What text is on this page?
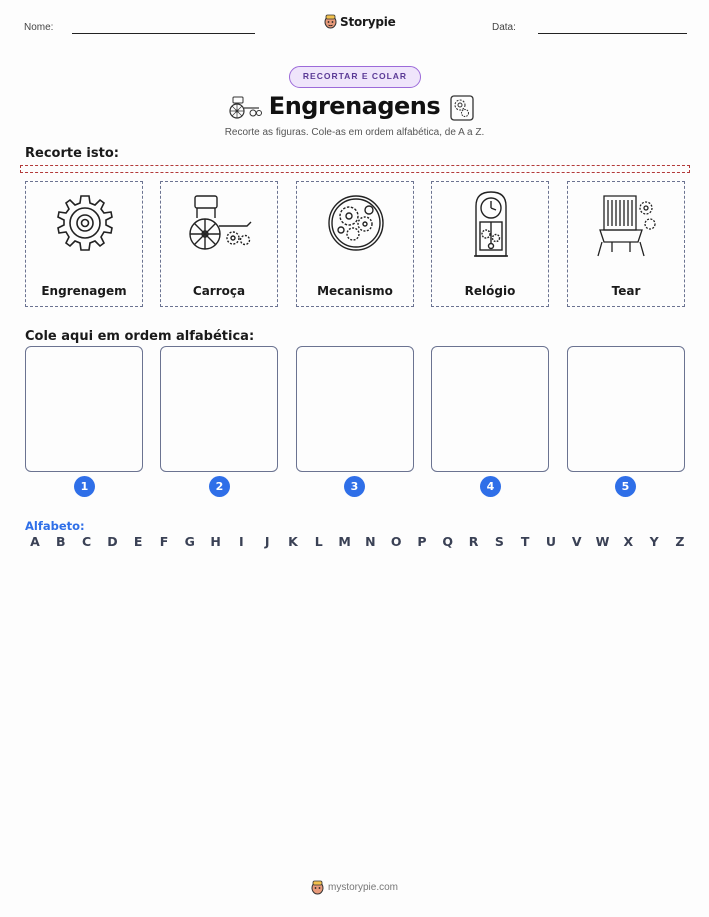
Nome:	Storypie	Data:
RECORTAR E COLAR
Engrenagens
Recorte as figuras. Cole-as em ordem alfabética, de A a Z.
Recorte isto:
Engrenagem	Carroça	Mecanismo	Relógio	Tear
Cole aqui em ordem alfabética:
1	2	3	4	5
Alfabeto:
A	B	C	D	E	F	G	H	I	J	K	L	M	N	O	P	Q	R	S	T	U	V	W	X	Y	Z
mystorypie.com
